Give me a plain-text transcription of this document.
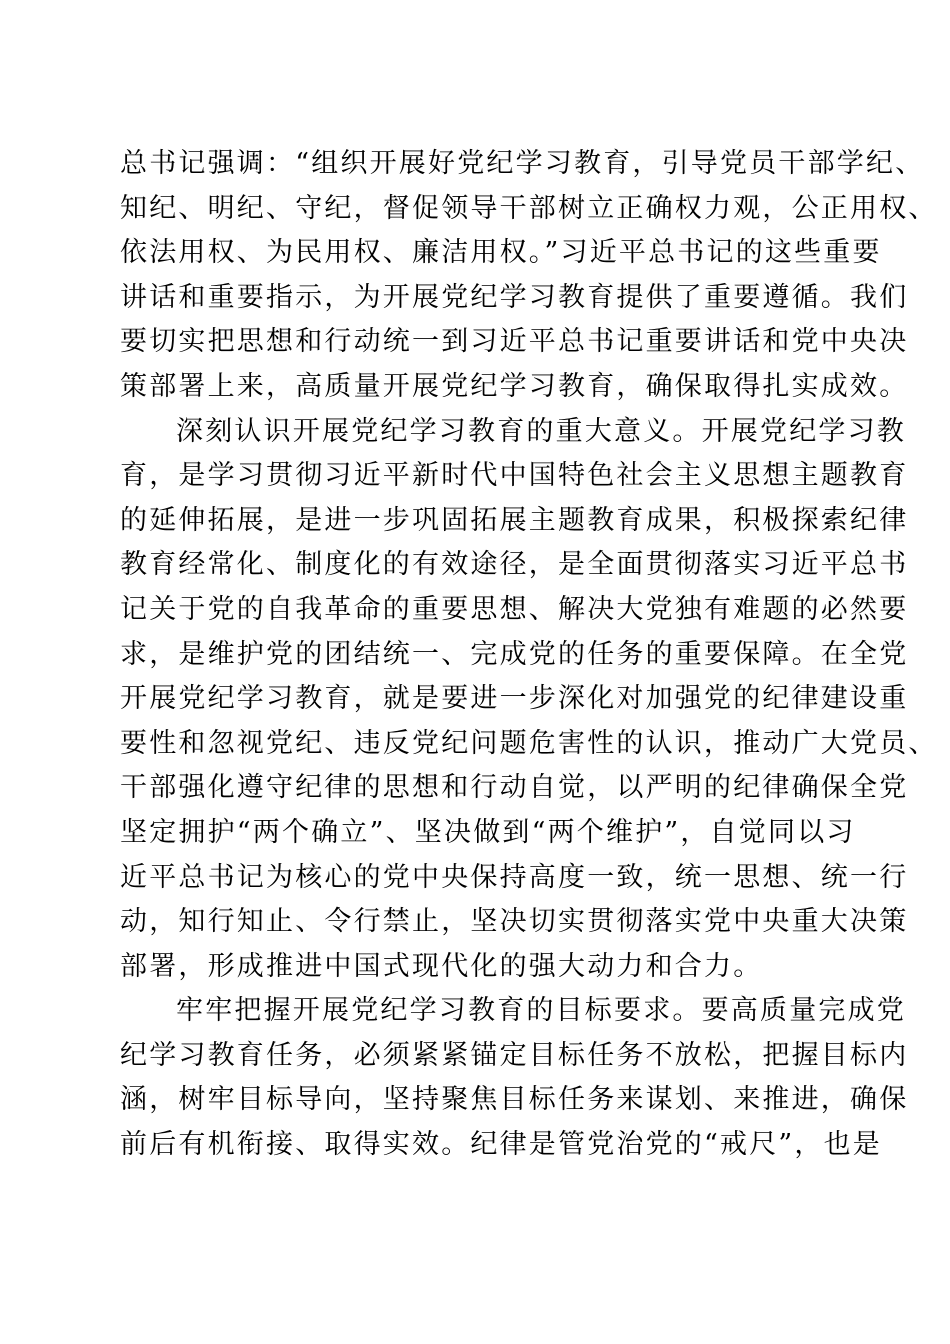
总书记强调：“组织开展好党纪学习教育，引导党员干部学纪、
知纪、明纪、守纪，督促领导干部树立正确权力观，公正用权、
依法用权、为民用权、廉洁用权。”习近平总书记的这些重要
讲话和重要指示，为开展党纪学习教育提供了重要遵循。我们
要切实把思想和行动统一到习近平总书记重要讲话和党中央决
策部署上来，高质量开展党纪学习教育，确保取得扎实成效。
深刻认识开展党纪学习教育的重大意义。开展党纪学习教
育，是学习贯彻习近平新时代中国特色社会主义思想主题教育
的延伸拓展，是进一步巩固拓展主题教育成果，积极探索纪律
教育经常化、制度化的有效途径，是全面贯彻落实习近平总书
记关于党的自我革命的重要思想、解决大党独有难题的必然要
求，是维护党的团结统一、完成党的任务的重要保障。在全党
开展党纪学习教育，就是要进一步深化对加强党的纪律建设重
要性和忽视党纪、违反党纪问题危害性的认识，推动广大党员、
干部强化遵守纪律的思想和行动自觉，以严明的纪律确保全党
坚定拥护“两个确立”、坚决做到“两个维护”，自觉同以习
近平总书记为核心的党中央保持高度一致，统一思想、统一行
动，知行知止、令行禁止，坚决切实贯彻落实党中央重大决策
部署，形成推进中国式现代化的强大动力和合力。
牢牢把握开展党纪学习教育的目标要求。要高质量完成党
纪学习教育任务，必须紧紧锚定目标任务不放松，把握目标内
涵，树牢目标导向，坚持聚焦目标任务来谋划、来推进，确保
前后有机衔接、取得实效。纪律是管党治党的“戒尺”，也是
